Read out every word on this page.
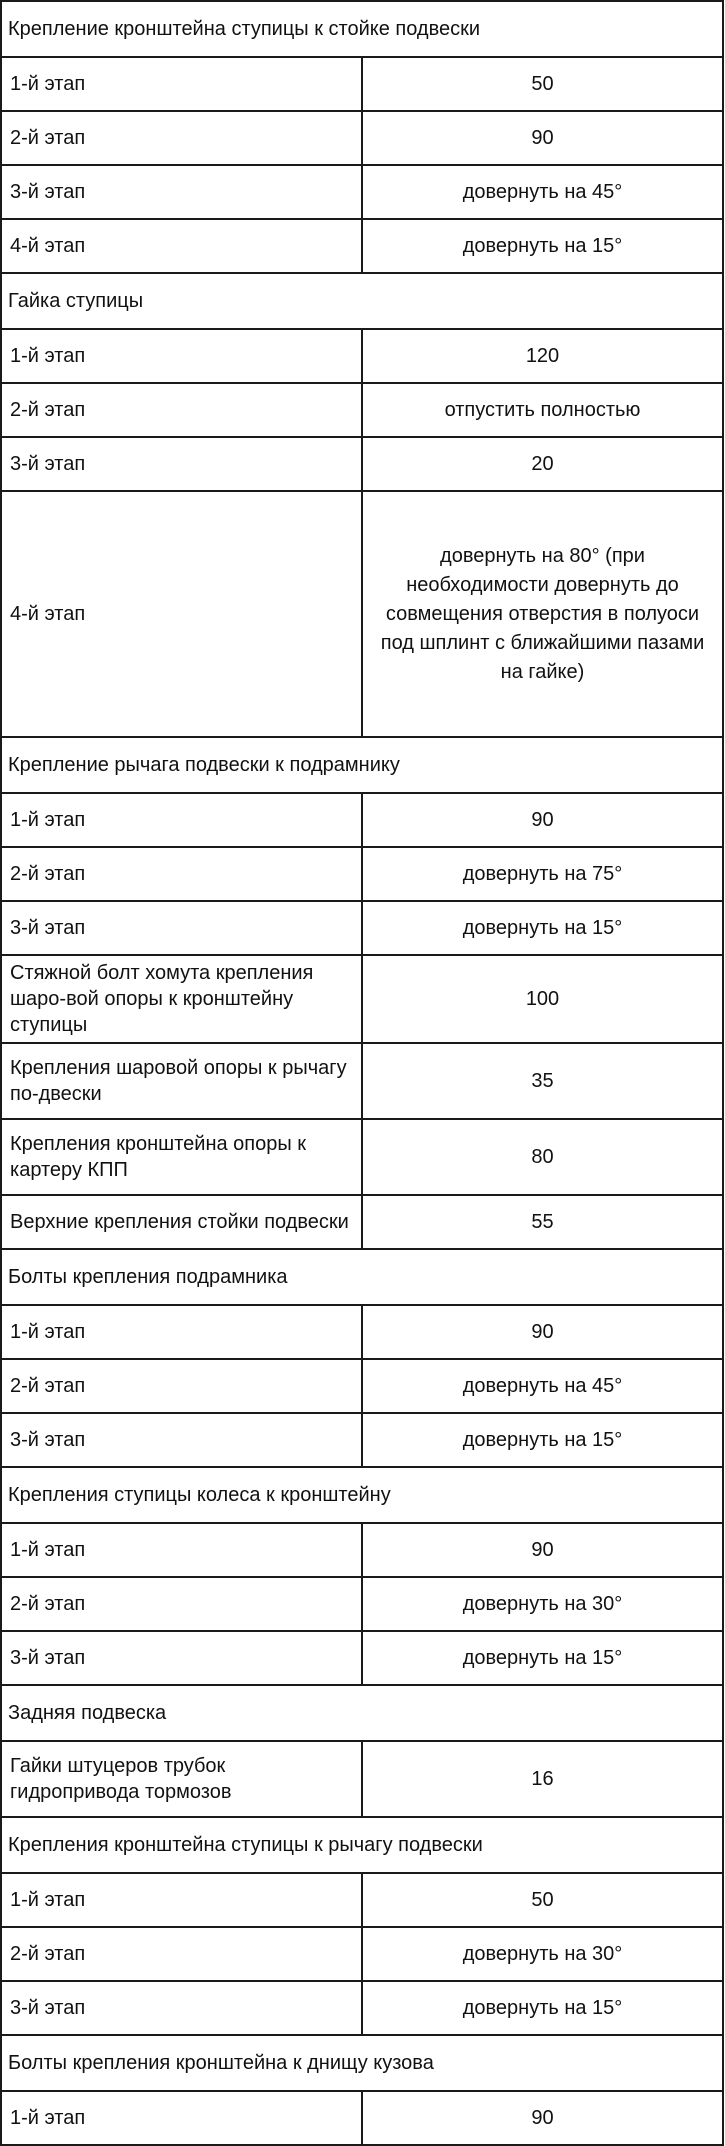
Крепление кронштейна ступицы к стойке подвески	
1-й этап	50
2-й этап	90
3-й этап	довернуть на 45°
4-й этап	довернуть на 15°
Гайка ступицы	
1-й этап	120
2-й этап	отпустить полностью
3-й этап	20
4-й этап	довернуть на 80° (при необходимости довернуть до совмещения отверстия в полуоси под шплинт с ближайшими пазами на гайке)
Крепление рычага подвески к подрамнику	
1-й этап	90
2-й этап	довернуть на 75°
3-й этап	довернуть на 15°
Стяжной болт хомута крепления шаро-вой опоры к кронштейну ступицы	100
Крепления шаровой опоры к рычагу по-двески	35
Крепления кронштейна опоры к картеру КПП	80
Верхние крепления стойки подвески	55
Болты крепления подрамника	
1-й этап	90
2-й этап	довернуть на 45°
3-й этап	довернуть на 15°
Крепления ступицы колеса к кронштейну	
1-й этап	90
2-й этап	довернуть на 30°
3-й этап	довернуть на 15°
Задняя подвеска	
Гайки штуцеров трубок гидропривода тормозов	16
Крепления кронштейна ступицы к рычагу подвески	
1-й этап	50
2-й этап	довернуть на 30°
3-й этап	довернуть на 15°
Болты крепления кронштейна к днищу кузова	
1-й этап	90
